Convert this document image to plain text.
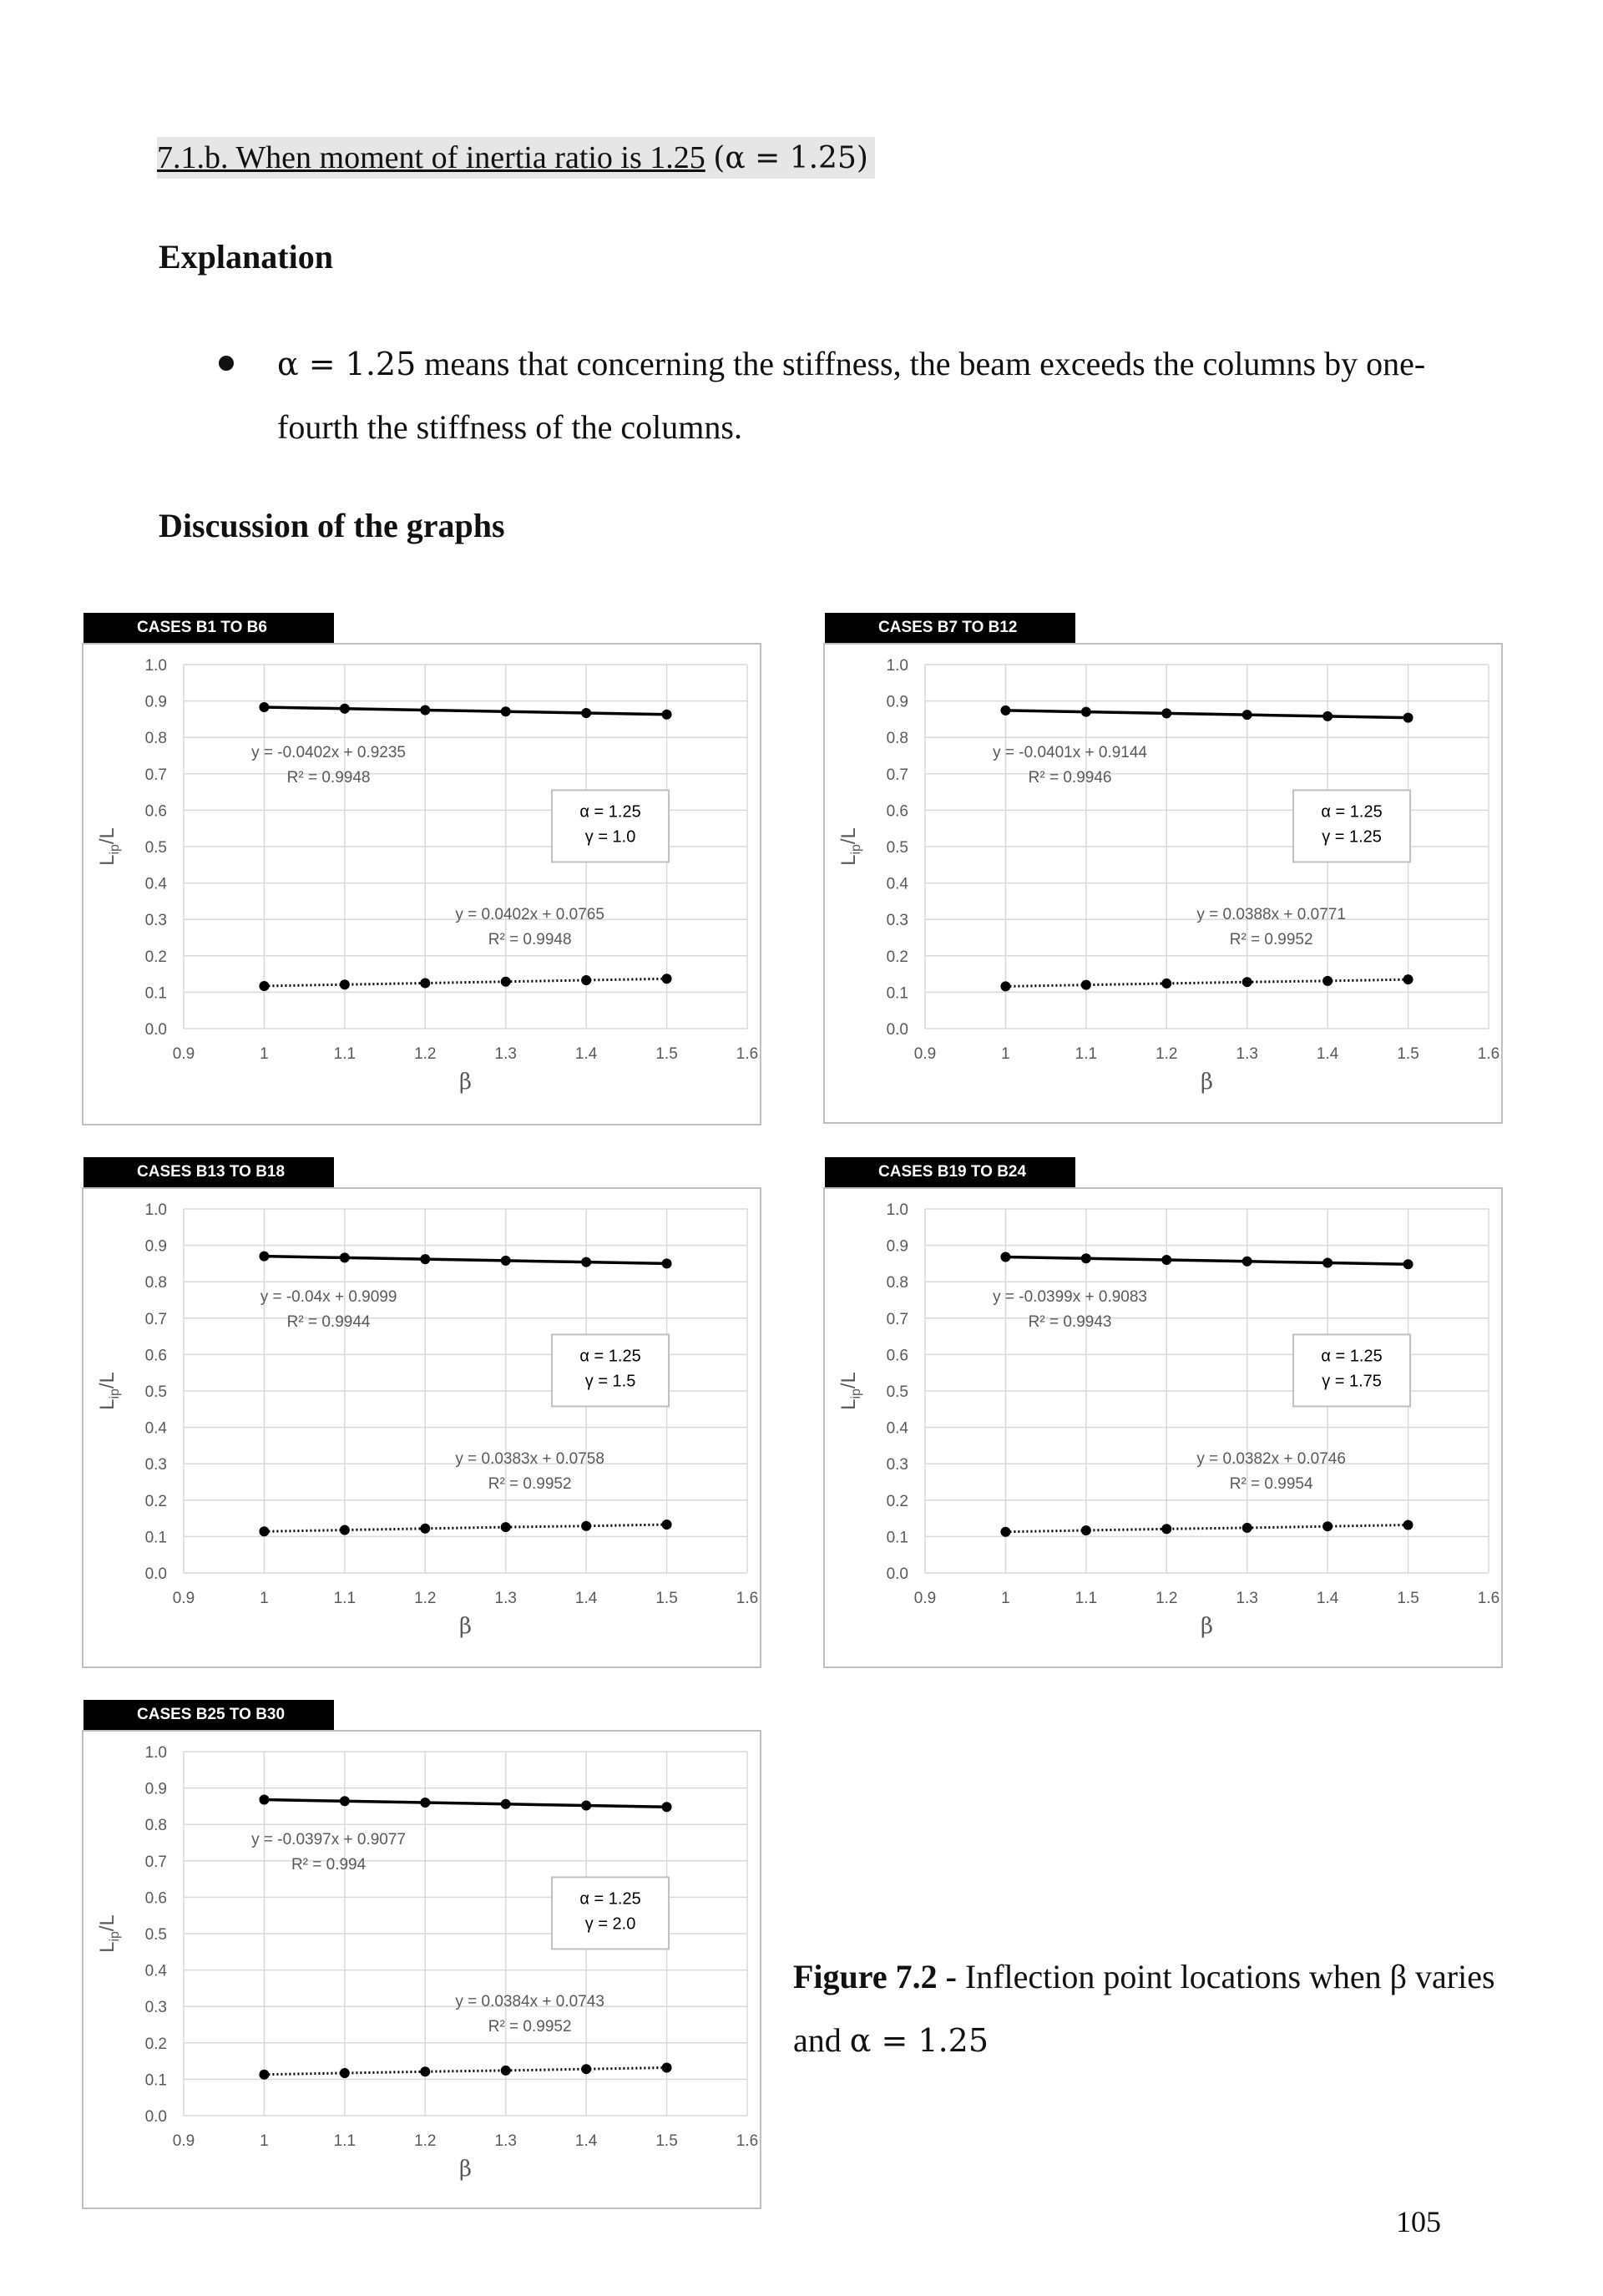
7.1.b. When moment of inertia ratio is 1.25 (α = 1.25)
Explanation
α = 1.25 means that concerning the stiffness, the beam exceeds the columns by one-fourth the stiffness of the columns.
Discussion of the graphs
CASES B1 TO B6
0.0
0.1
0.2
0.3
0.4
0.5
0.6
0.7
0.8
0.9
1.0
0.9	1	1.1	1.2	1.3	1.4	1.5	1.6
β
$L_{ip}/L$
y = -0.0402x + 0.9235
R² = 0.9948
y = 0.0402x + 0.0765
R² = 0.9948
α = 1.25
γ = 1.0
CASES B7 TO B12
0.0
0.1
0.2
0.3
0.4
0.5
0.6
0.7
0.8
0.9
1.0
0.9	1	1.1	1.2	1.3	1.4	1.5	1.6
β
$L_{ip}/L$
y = -0.0401x + 0.9144
R² = 0.9946
y = 0.0388x + 0.0771
R² = 0.9952
α = 1.25
γ = 1.25
CASES B13 TO B18
0.0
0.1
0.2
0.3
0.4
0.5
0.6
0.7
0.8
0.9
1.0
0.9	1	1.1	1.2	1.3	1.4	1.5	1.6
β
$L_{ip}/L$
y = -0.04x + 0.9099
R² = 0.9944
y = 0.0383x + 0.0758
R² = 0.9952
α = 1.25
γ = 1.5
CASES B19 TO B24
0.0
0.1
0.2
0.3
0.4
0.5
0.6
0.7
0.8
0.9
1.0
0.9	1	1.1	1.2	1.3	1.4	1.5	1.6
β
$L_{ip}/L$
y = -0.0399x + 0.9083
R² = 0.9943
y = 0.0382x + 0.0746
R² = 0.9954
α = 1.25
γ = 1.75
CASES B25 TO B30
0.0
0.1
0.2
0.3
0.4
0.5
0.6
0.7
0.8
0.9
1.0
0.9	1	1.1	1.2	1.3	1.4	1.5	1.6
β
$L_{ip}/L$
y = -0.0397x + 0.9077
R² = 0.994
y = 0.0384x + 0.0743
R² = 0.9952
α = 1.25
γ = 2.0
Figure 7.2 - Inflection point locations when β varies and α = 1.25
105
